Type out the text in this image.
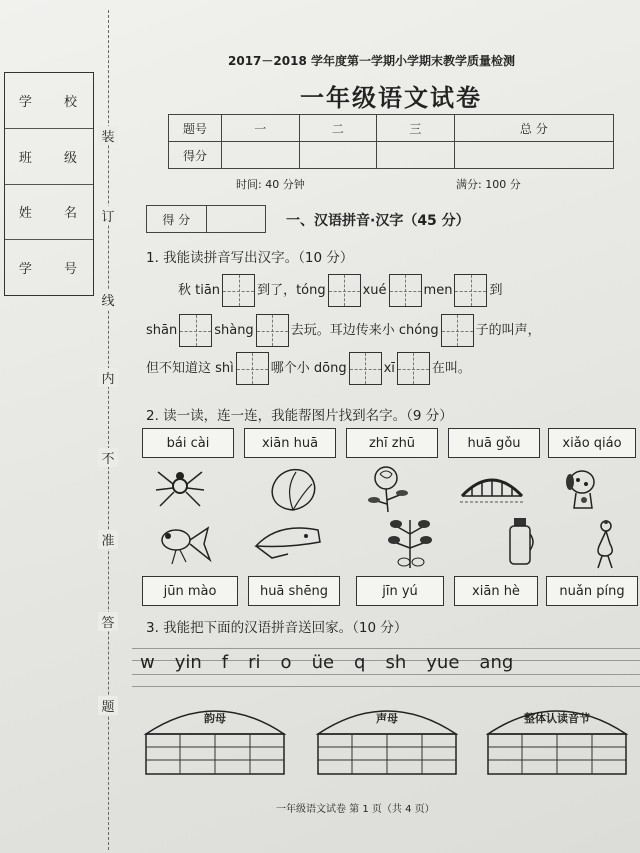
学 校
班 级
姓 名
学 号
装
订
线
内
不
准
答
题
2017－2018 学年度第一学期小学期末教学质量检测
一年级语文试卷
题号	一	二	三	总 分
得分				
时间: 40 分钟	满分: 100 分
得 分	一、汉语拼音·汉字（45 分）
1. 我能读拼音写出汉字。（10 分）
秋 tiān	到了，tóng	xué	men	到
shān	shàng	去玩。耳边传来小 chóng	子的叫声，
但不知道这 shì	哪个小 dōng	xī	在叫。
2. 读一读，连一连，我能帮图片找到名字。（9 分）
bái cài	xiān huā	zhī zhū	huā gǒu	xiǎo qiáo
jūn mào	huā shēng	jīn yú	xiān hè	nuǎn píng
3. 我能把下面的汉语拼音送回家。（10 分）
w yin f ri o üe q sh yue ang
韵母	声母	整体认读音节
一年级语文试卷 第 1 页（共 4 页）
